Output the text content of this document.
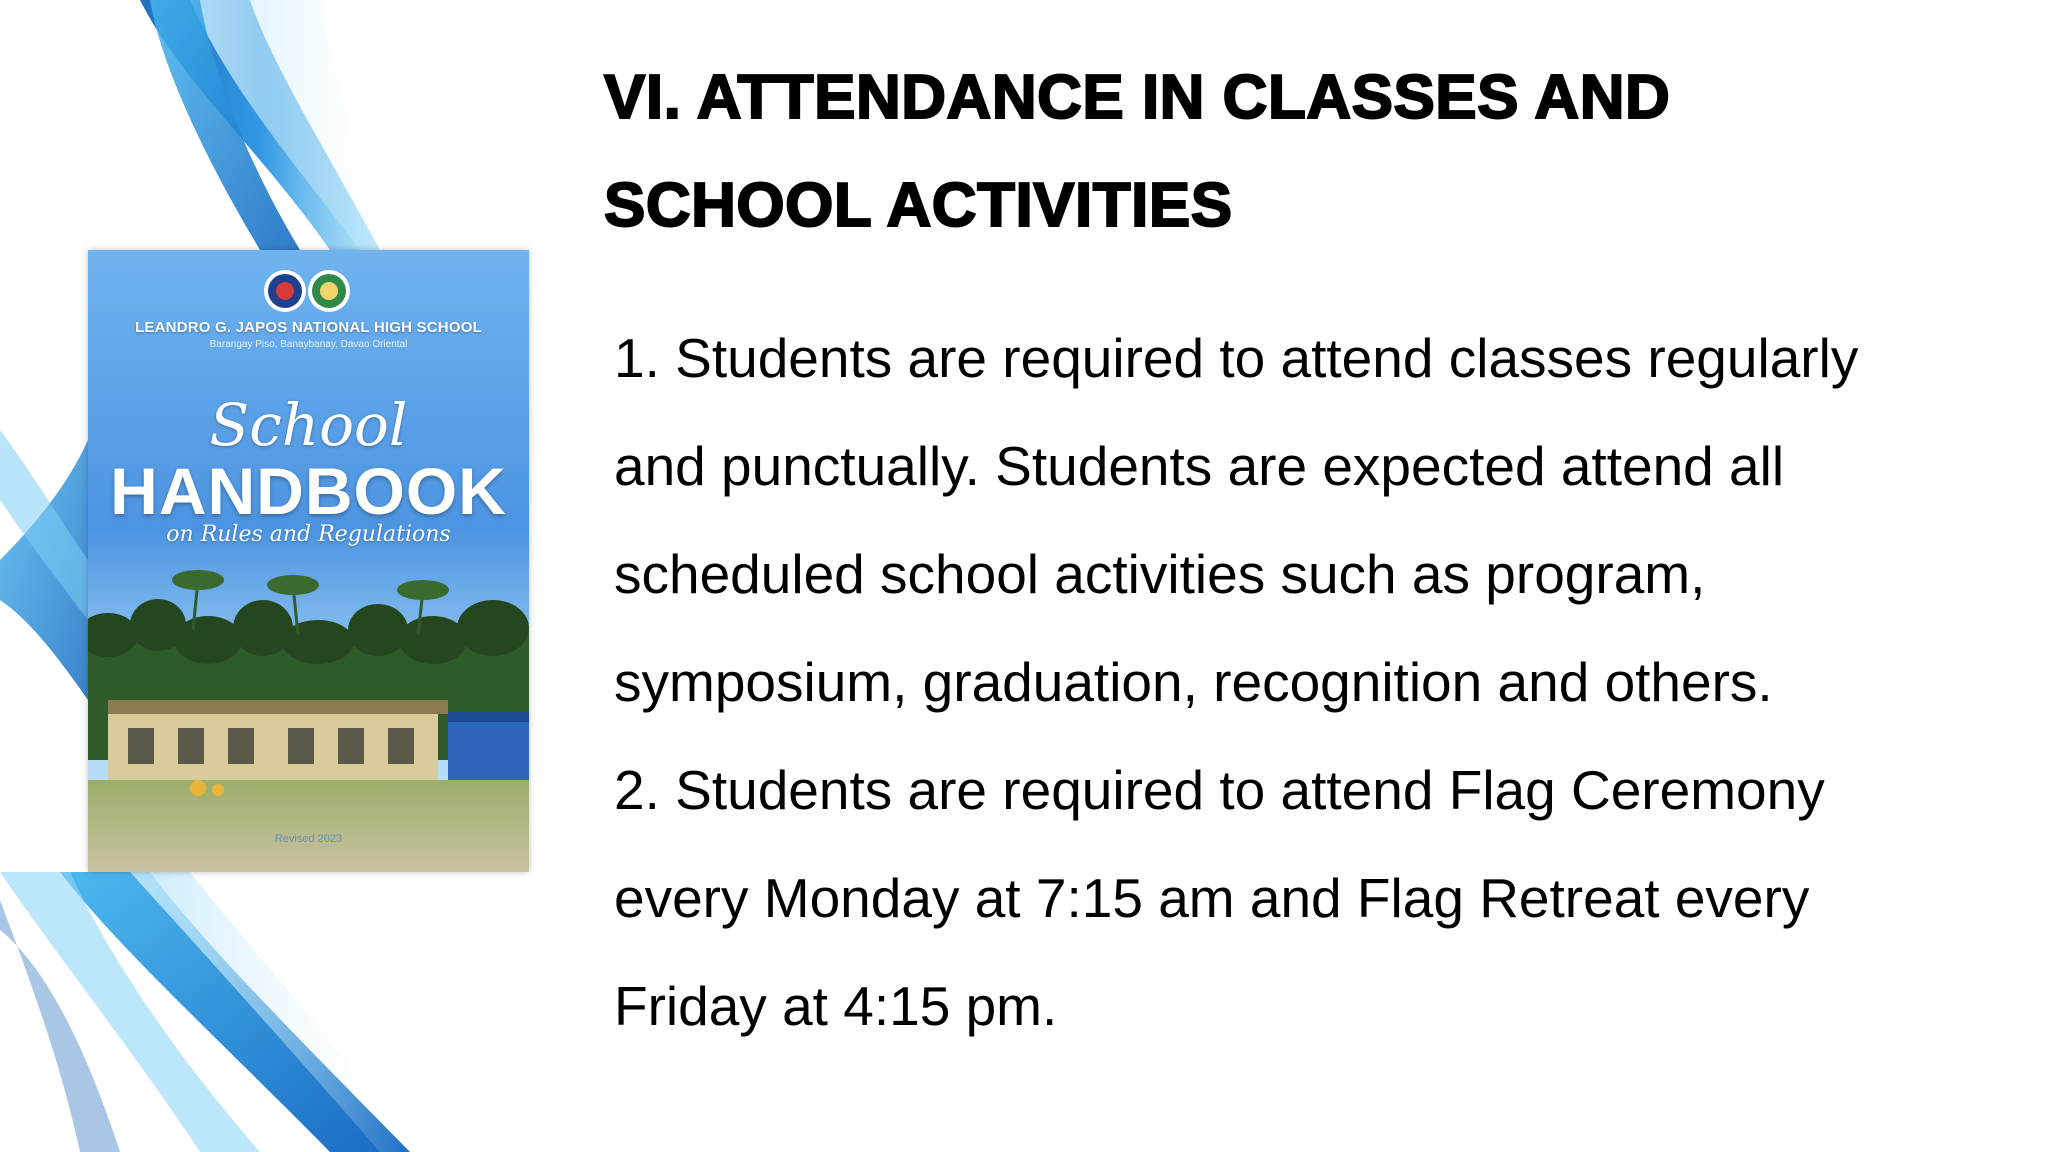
LEANDRO G. JAPOS NATIONAL HIGH SCHOOL
Barangay Piso, Banaybanay, Davao Oriental
School
HANDBOOK
on Rules and Regulations
Revised 2023
VI. ATTENDANCE IN CLASSES AND
SCHOOL ACTIVITIES
1. Students are required to attend classes regularly
and punctually. Students are expected attend all
scheduled school activities such as program,
symposium, graduation, recognition and others.
2. Students are required to attend Flag Ceremony
every Monday at 7:15 am and Flag Retreat every
Friday at 4:15 pm.
